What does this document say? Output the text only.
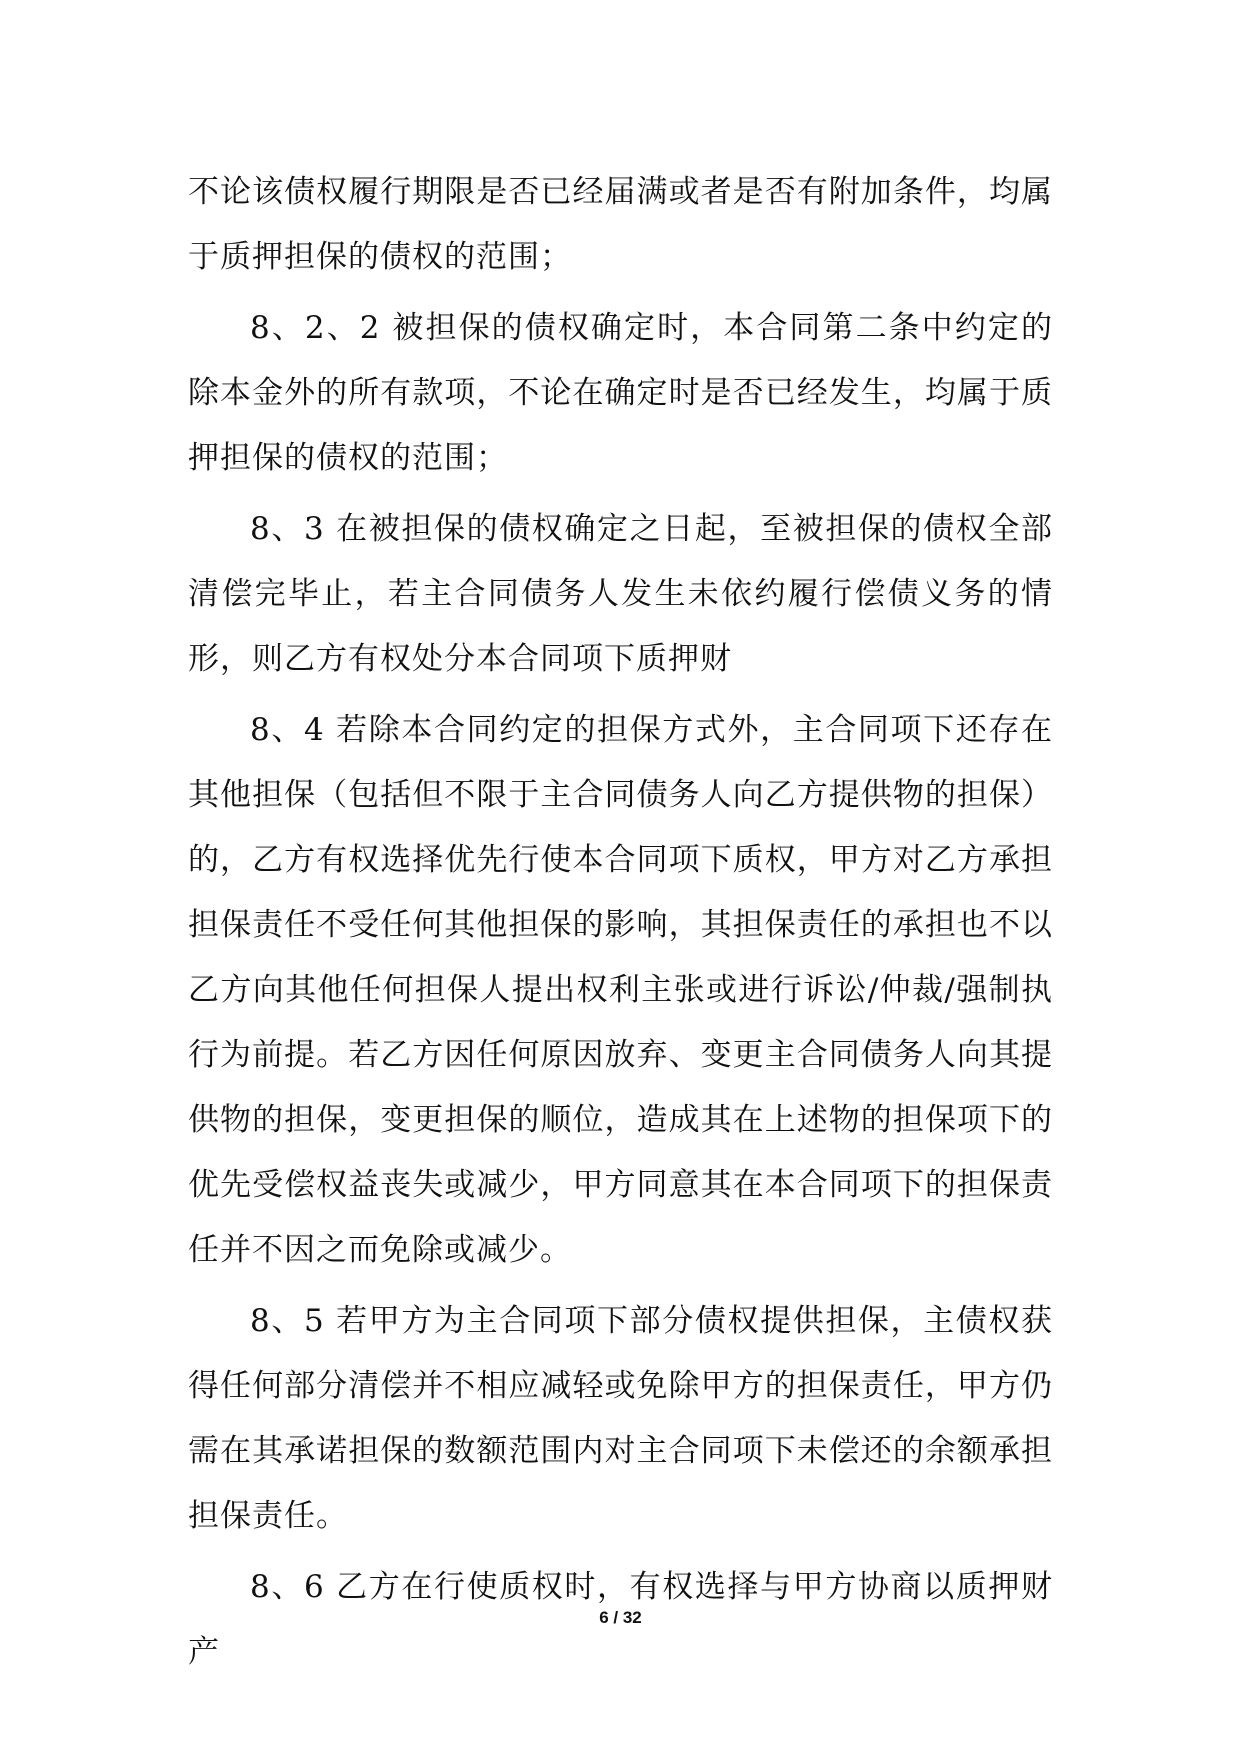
不论该债权履行期限是否已经届满或者是否有附加条件，均属于质押担保的债权的范围；

8、2、2 被担保的债权确定时，本合同第二条中约定的除本金外的所有款项，不论在确定时是否已经发生，均属于质押担保的债权的范围；

8、3 在被担保的债权确定之日起，至被担保的债权全部清偿完毕止，若主合同债务人发生未依约履行偿债义务的情形，则乙方有权处分本合同项下质押财

8、4 若除本合同约定的担保方式外，主合同项下还存在其他担保（包括但不限于主合同债务人向乙方提供物的担保）的，乙方有权选择优先行使本合同项下质权，甲方对乙方承担担保责任不受任何其他担保的影响，其担保责任的承担也不以乙方向其他任何担保人提出权利主张或进行诉讼/仲裁/强制执行为前提。若乙方因任何原因放弃、变更主合同债务人向其提供物的担保，变更担保的顺位，造成其在上述物的担保项下的优先受偿权益丧失或减少，甲方同意其在本合同项下的担保责任并不因之而免除或减少。

8、5 若甲方为主合同项下部分债权提供担保，主债权获得任何部分清偿并不相应减轻或免除甲方的担保责任，甲方仍需在其承诺担保的数额范围内对主合同项下未偿还的余额承担担保责任。

8、6 乙方在行使质权时，有权选择与甲方协商以质押财产

6 / 32
